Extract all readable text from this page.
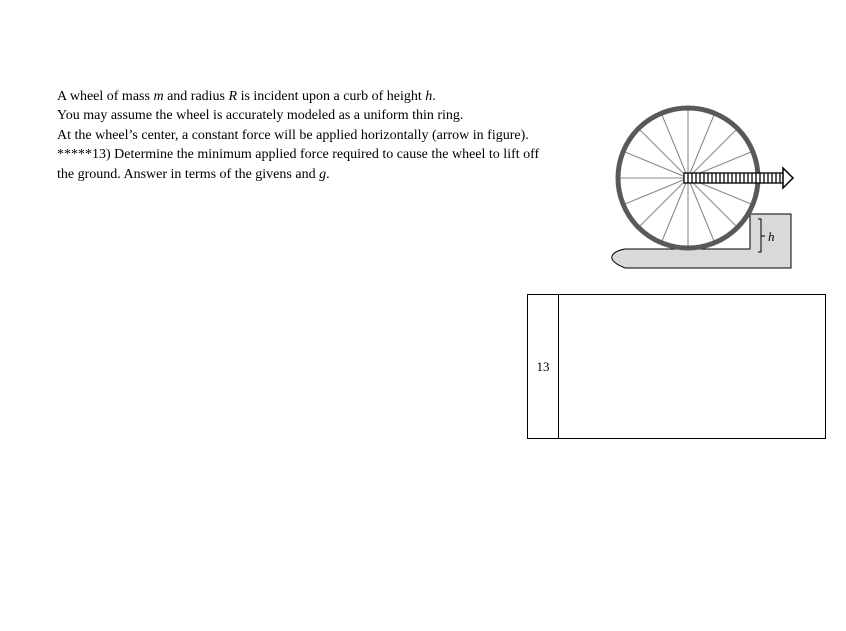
A wheel of mass m and radius R is incident upon a curb of height h.
You may assume the wheel is accurately modeled as a uniform thin ring.
At the wheel’s center, a constant force will be applied horizontally (arrow in figure).
*****13) Determine the minimum applied force required to cause the wheel to lift off
the ground. Answer in terms of the givens and g.
h
13
